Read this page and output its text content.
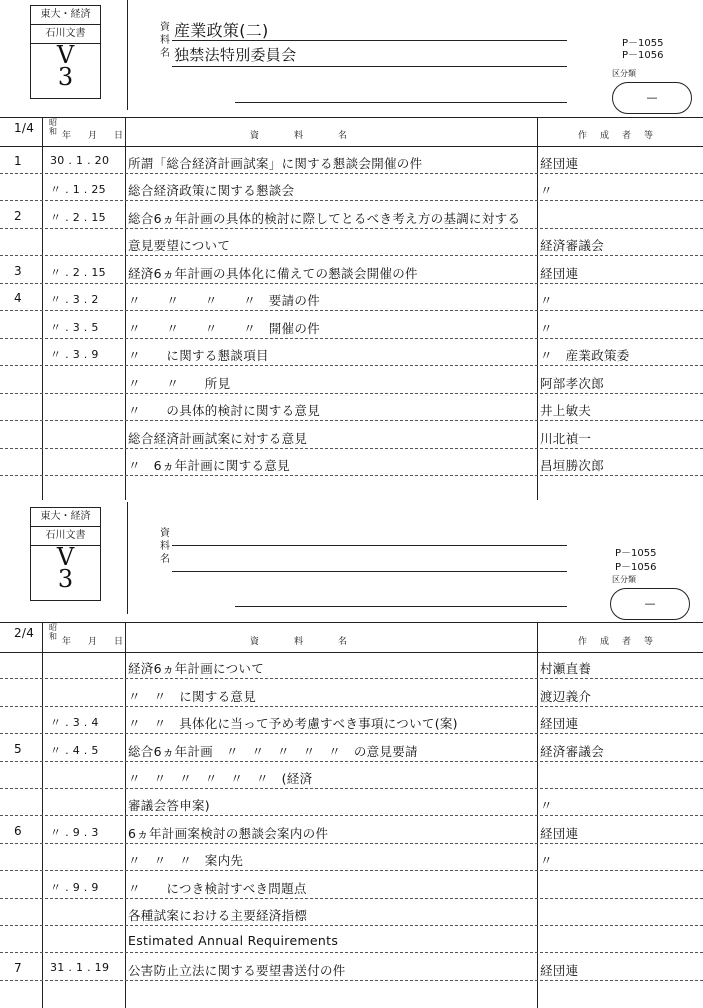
東大・経済
石川文書
V
3
資
料
名
産業政策(二)
独禁法特別委員会
P－1055
P－1056
区分類
—
1/4 昭和 年　月　日	資　　　料　　　名	作　成　者　等
1	30 . 1 . 20 所謂「総合経済計画試案」に関する懇談会開催の件	経団連
〃 . 1 . 25 総合経済政策に関する懇談会	〃
2	〃 . 2 . 15 総合6ヵ年計画の具体的検討に際してとるべき考え方の基調に対する
意見要望について	経済審議会
3	〃 . 2 . 15 経済6ヵ年計画の具体化に備えての懇談会開催の件	経団連
4	〃 . 3 . 2 〃　　〃　　〃　　〃　要請の件	〃
〃 . 3 . 5 〃　　〃　　〃　　〃　開催の件	〃
〃 . 3 . 9 〃　　に関する懇談項目	〃　産業政策委
〃　　〃　　所見	阿部孝次郎
〃　　の具体的検討に関する意見	井上敏夫
総合経済計画試案に対する意見	川北禎一
〃　6ヵ年計画に関する意見	昌垣勝次郎
東大・経済
石川文書
V
3
資
料
名
P－1055
P－1056
区分類
—
2/4 昭和
年　月　日	資　　　料　　　名	作　成　者　等
経済6ヵ年計画について	村瀬直養
〃　〃　に関する意見	渡辺義介
〃 . 3 . 4 〃　〃　具体化に当って予め考慮すべき事項について(案)	経団連
5	〃 . 4 . 5 総合6ヵ年計画　〃　〃　〃　〃　〃　の意見要請	経済審議会
〃　〃　〃　〃　〃　〃　(経済
審議会答申案)	〃
6	〃 . 9 . 3 6ヵ年計画案検討の懇談会案内の件	経団連
〃　〃　〃　案内先	〃
〃 . 9 . 9 〃　　につき検討すべき問題点
各種試案における主要経済指標
Estimated Annual Requirements
7	31 . 1 . 19 公害防止立法に関する要望書送付の件	経団連
